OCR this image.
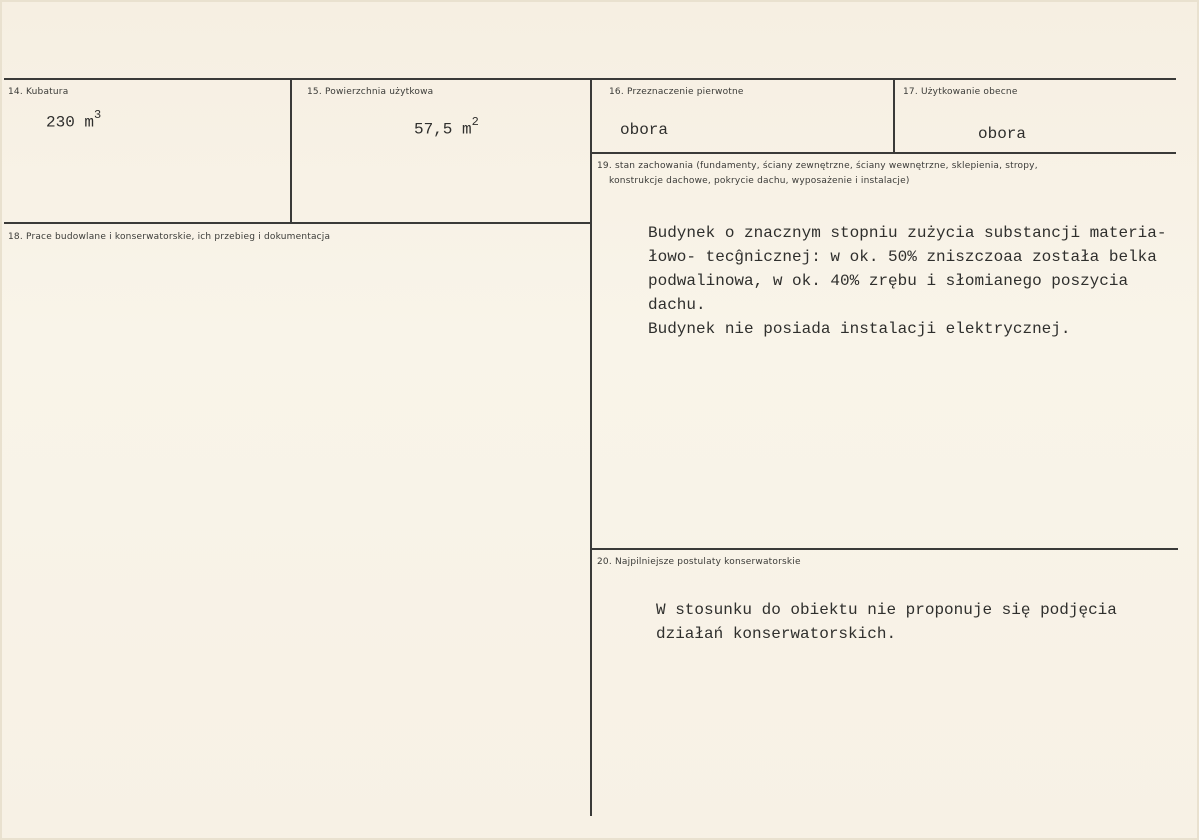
14. Kubatura
230 $m^3$
15. Powierzchnia użytkowa
57,5 $m^2$
16. Przeznaczenie pierwotne
obora
17. Użytkowanie obecne
obora
18. Prace budowlane i konserwatorskie, ich przebieg i dokumentacja
19. stan zachowania (fundamenty, ściany zewnętrzne, ściany wewnętrzne, sklepienia, stropy,
konstrukcje dachowe, pokrycie dachu, wyposażenie i instalacje)
Budynek o znacznym stopniu zużycia substancji materia-
łowo- tecĝnicznej: w ok. 50% zniszczoaa została belka
podwalinowa, w ok. 40% zrębu i słomianego poszycia
dachu.
Budynek nie posiada instalacji elektrycznej.
20. Najpilniejsze postulaty konserwatorskie
W stosunku do obiektu nie proponuje się podjęcia
działań konserwatorskich.
